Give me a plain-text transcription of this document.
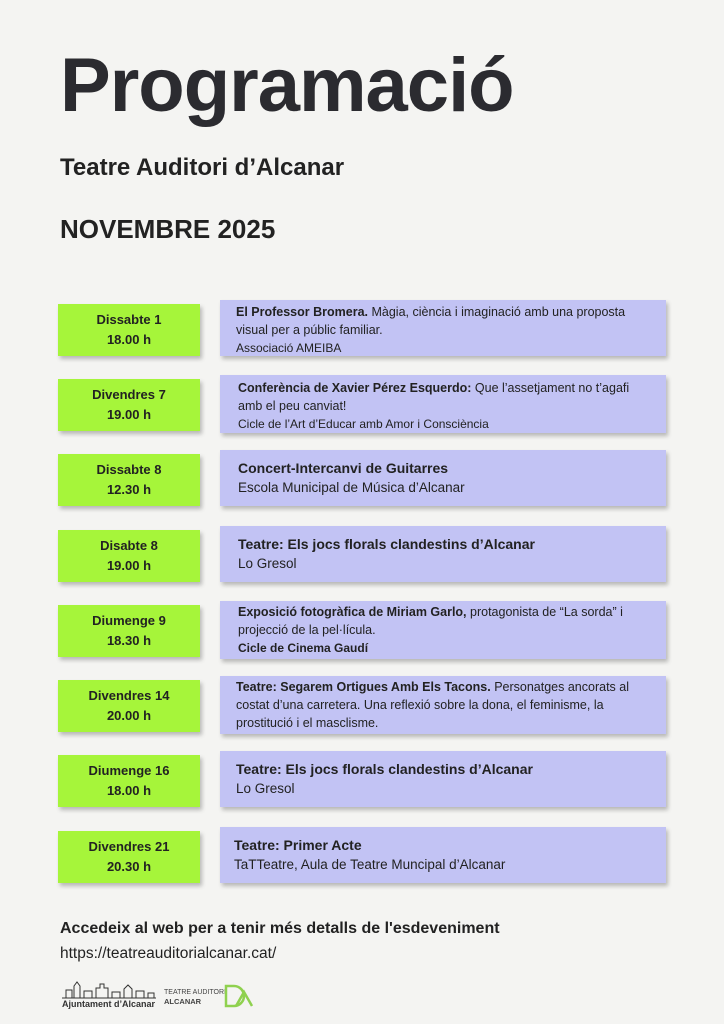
Programació
Teatre Auditori d’Alcanar
NOVEMBRE 2025
Dissabte 1
18.00 h
El Professor Bromera. Màgia, ciència i imaginació amb una proposta visual per a públic familiar.
Associació AMEIBA
Divendres 7
19.00 h
Conferència de Xavier Pérez Esquerdo: Que l’assetjament no t’agafi amb el peu canviat!
Cicle de l’Art d’Educar amb Amor i Consciència
Dissabte 8
12.30 h
Concert-Intercanvi de Guitarres
Escola Municipal de Música d’Alcanar
Disabte 8
19.00 h
Teatre: Els jocs florals clandestins d’Alcanar
Lo Gresol
Diumenge 9
18.30 h
Exposició fotogràfica de Miriam Garlo, protagonista de “La sorda” i projecció de la pel·lícula.
Cicle de Cinema Gaudí
Divendres 14
20.00 h
Teatre: Segarem Ortigues Amb Els Tacons. Personatges ancorats al costat d’una carretera. Una reflexió sobre la dona, el feminisme, la prostitució i el masclisme.
Diumenge 16
18.00 h
Teatre: Els jocs florals clandestins d’Alcanar
Lo Gresol
Divendres 21
20.30 h
Teatre: Primer Acte
TaTTeatre, Aula de Teatre Muncipal d’Alcanar
Accedeix al web per a tenir més detalls de l'esdeveniment
https://teatreauditorialcanar.cat/
Ajuntament d’Alcanar
TEATRE AUDITORI
ALCANAR
